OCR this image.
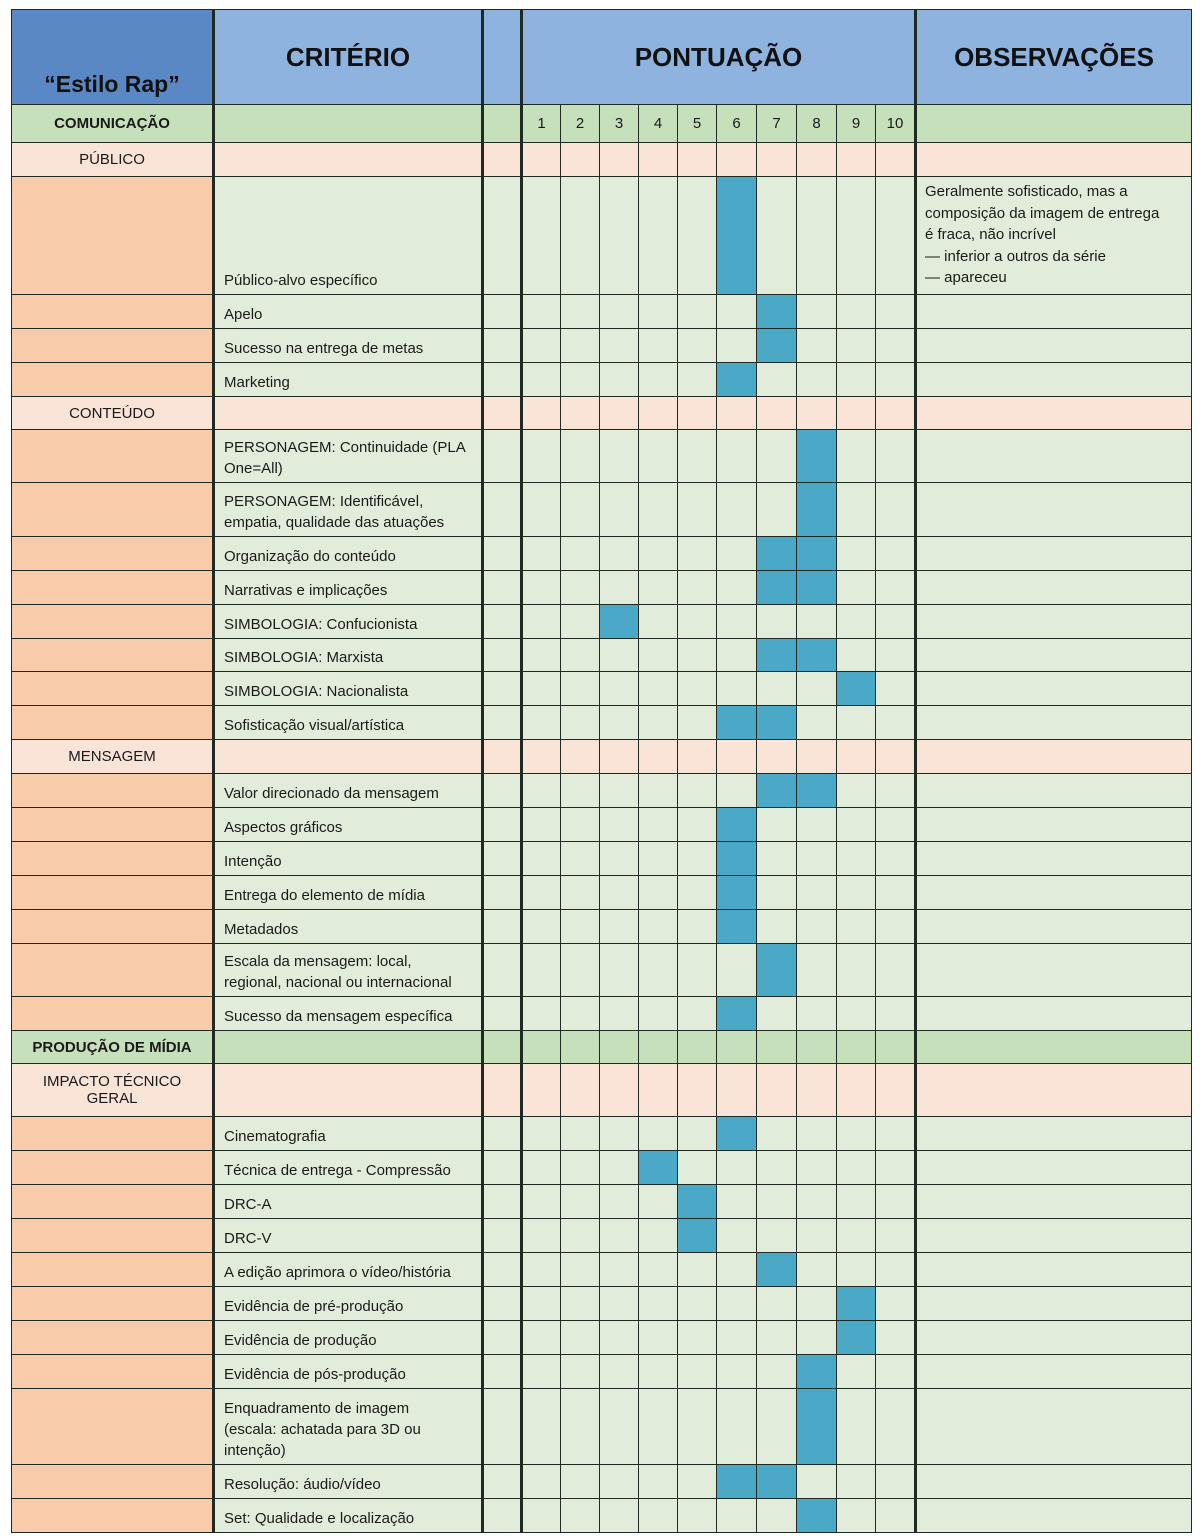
“Estilo Rap”	CRITÉRIO		PONTUAÇÃO										OBSERVAÇÕES
COMUNICAÇÃO			1	2	3	4	5	6	7	8	9	10	
PÚBLICO													
	Público-alvo específico												Geralmente sofisticado, mas a
composição da imagem de entrega
é fraca, não incrível
— inferior a outros da série
— apareceu
	Apelo												
	Sucesso na entrega de metas												
	Marketing												
CONTEÚDO													
	PERSONAGEM: Continuidade (PLA
One=All)												
	PERSONAGEM: Identificável,
empatia, qualidade das atuações												
	Organização do conteúdo												
	Narrativas e implicações												
	SIMBOLOGIA: Confucionista												
	SIMBOLOGIA: Marxista												
	SIMBOLOGIA: Nacionalista												
	Sofisticação visual/artística												
MENSAGEM													
	Valor direcionado da mensagem												
	Aspectos gráficos												
	Intenção												
	Entrega do elemento de mídia												
	Metadados												
	Escala da mensagem: local,
regional, nacional ou internacional												
	Sucesso da mensagem específica												
PRODUÇÃO DE MÍDIA													
IMPACTO TÉCNICO
GERAL													
	Cinematografia												
	Técnica de entrega - Compressão												
	DRC-A												
	DRC-V												
	A edição aprimora o vídeo/história												
	Evidência de pré-produção												
	Evidência de produção												
	Evidência de pós-produção												
	Enquadramento de imagem
(escala: achatada para 3D ou
intenção)												
	Resolução: áudio/vídeo												
	Set: Qualidade e localização												
